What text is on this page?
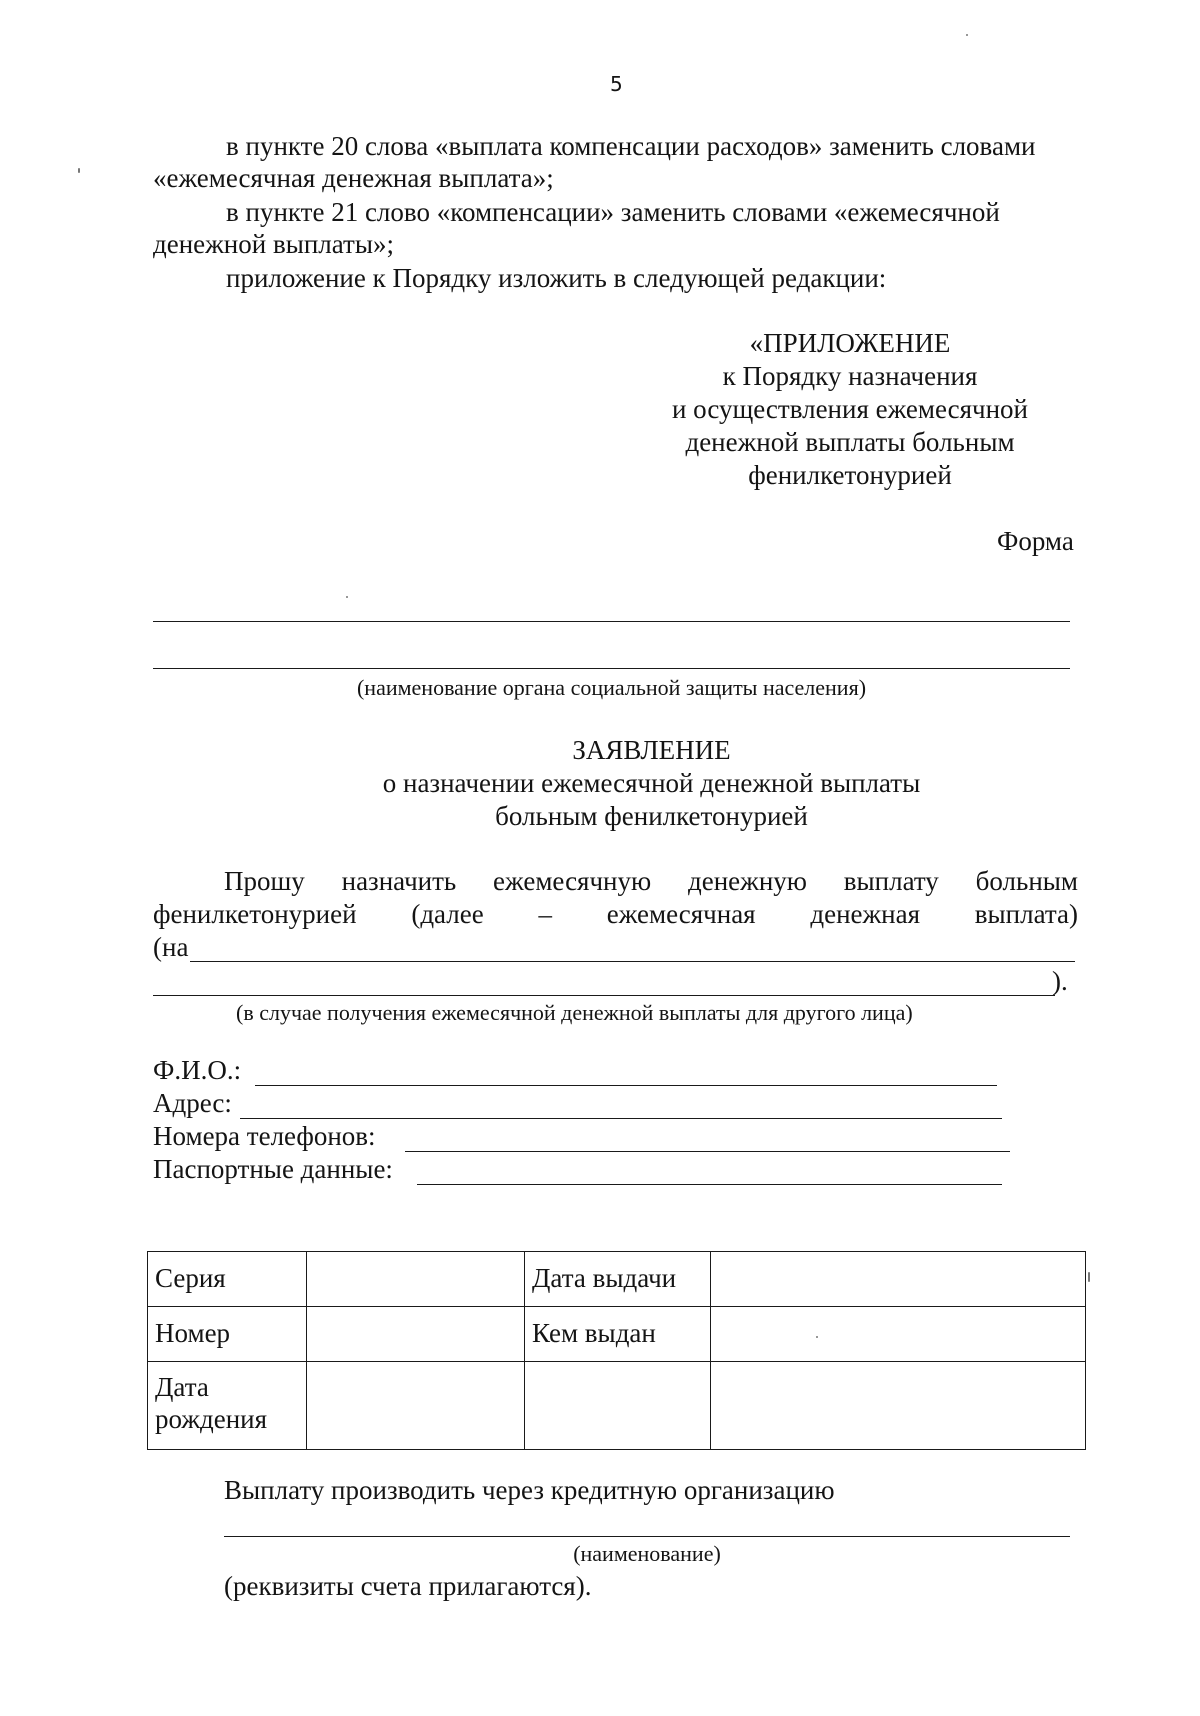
5
в пункте 20 слова «выплата компенсации расходов» заменить словами
«ежемесячная денежная выплата»;
в пункте 21 слово «компенсации» заменить словами «ежемесячной
денежной выплаты»;
приложение к Порядку изложить в следующей редакции:
«ПРИЛОЖЕНИЕ
к Порядку назначения
и осуществления ежемесячной
денежной выплаты больным
фенилкетонурией
Форма
(наименование органа социальной защиты населения)
ЗАЯВЛЕНИЕ
о назначении ежемесячной денежной выплаты
больным фенилкетонурией
Прошу назначить ежемесячную денежную выплату больным
фенилкетонурией (далее – ежемесячная денежная выплата)
(на
).
(в случае получения ежемесячной денежной выплаты для другого лица)
Ф.И.О.:
Адрес:
Номера телефонов:
Паспортные данные:
Серия		Дата выдачи	
Номер		Кем выдан	
Дата
рождения			
Выплату производить через кредитную организацию
(наименование)
(реквизиты счета прилагаются).
